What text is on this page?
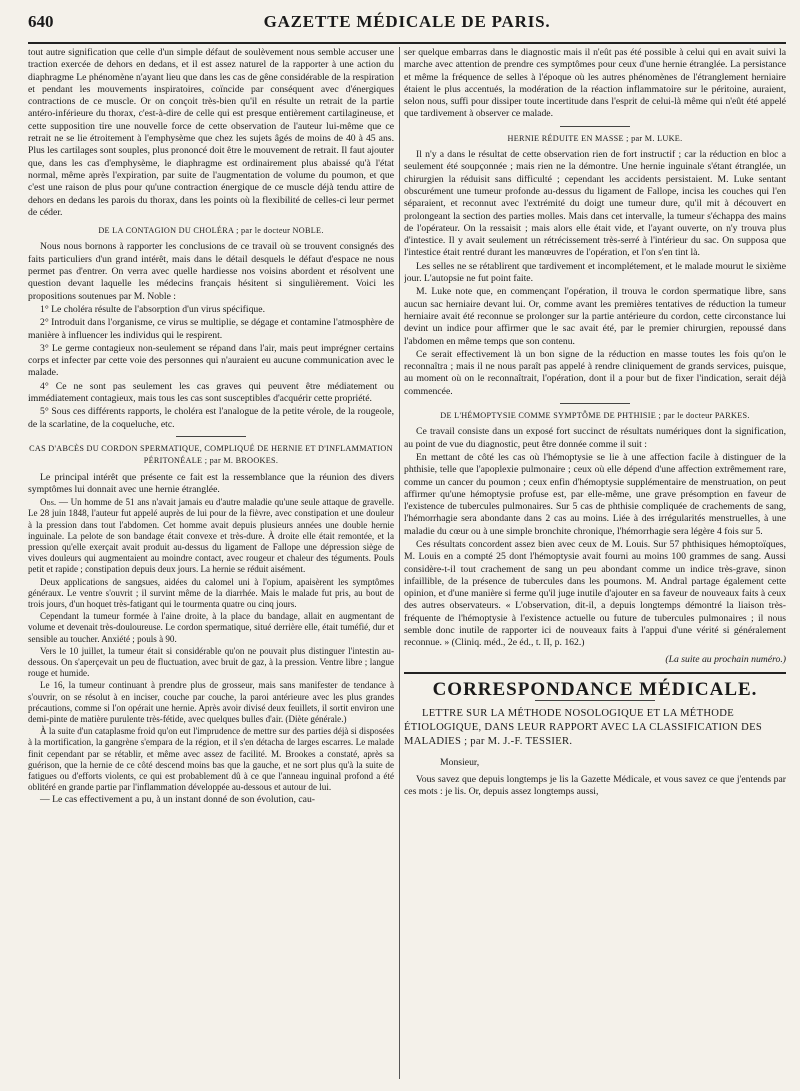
GAZETTE MÉDICALE DE PARIS.
640

tout autre signification que celle d'un simple défaut de soulèvement nous semble accuser une traction exercée de dehors en dedans, et il est assez naturel de la rapporter à une action du diaphragme Le phénomène n'ayant lieu que dans les cas de gêne considérable de la respiration et pendant les mouvements inspiratoires, coïncide par conséquent avec d'énergiques contractions de ce muscle. Or on conçoit très-bien qu'il en résulte un retrait de la partie antéro-inférieure du thorax, c'est-à-dire de celle qui est presque entièrement cartilagineuse, et cette supposition tire une nouvelle force de cette observation de l'auteur lui-même que ce retrait ne se lie étroitement à l'emphysème que chez les sujets âgés de moins de 40 à 45 ans. Plus les cartilages sont souples, plus prononcé doit être le mouvement de retrait. Il faut ajouter que, dans les cas d'emphysème, le diaphragme est ordinairement plus abaissé qu'à l'état normal, même après l'expiration, par suite de l'augmentation de volume du poumon, et que c'est une raison de plus pour qu'une contraction énergique de ce muscle déjà tendu attire de dehors en dedans les parois du thorax, dans les points où la flexibilité de celles-ci leur permet de céder.

DE LA CONTAGION DU CHOLÉRA ; par le docteur NOBLE.

Nous nous bornons à rapporter les conclusions de ce travail où se trouvent consignés des faits particuliers d'un grand intérêt, mais dans le détail desquels le défaut d'espace ne nous permet pas d'entrer. On verra avec quelle hardiesse nos voisins abordent et résolvent une question devant laquelle les médecins français hésitent si singulièrement. Voici les propositions soutenues par M. Noble :

1° Le choléra résulte de l'absorption d'un virus spécifique.

2° Introduit dans l'organisme, ce virus se multiplie, se dégage et contamine l'atmosphère de manière à influencer les individus qui le respirent.

3° Le germe contagieux non-seulement se répand dans l'air, mais peut imprégner certains corps et infecter par cette voie des personnes qui n'auraient eu aucune communication avec le malade.

4° Ce ne sont pas seulement les cas graves qui peuvent être médiatement ou immédiatement contagieux, mais tous les cas sont susceptibles d'acquérir cette propriété.

5° Sous ces différents rapports, le choléra est l'analogue de la petite vérole, de la rougeole, de la scarlatine, de la coqueluche, etc.

CAS D'ABCÈS DU CORDON SPERMATIQUE, COMPLIQUÉ DE HERNIE ET D'INFLAMMATION PÉRITONÉALE ; par M. BROOKES.

Le principal intérêt que présente ce fait est la ressemblance que la réunion des divers symptômes lui donnait avec une hernie étranglée.

Obs. — Un homme de 51 ans n'avait jamais eu d'autre maladie qu'une seule attaque de gravelle. Le 28 juin 1848, l'auteur fut appelé auprès de lui pour de la fièvre, avec constipation et une douleur à la pression dans tout l'abdomen. Cet homme avait depuis plusieurs années une double hernie inguinale. La pelote de son bandage était convexe et très-dure. À droite elle était remontée, et la pression qu'elle exerçait avait produit au-dessus du ligament de Fallope une dépression siège de vives douleurs qui augmentaient au moindre contact, avec rougeur et chaleur des téguments. Pouls petit et rapide ; constipation depuis deux jours. La hernie se réduit aisément.

Deux applications de sangsues, aidées du calomel uni à l'opium, apaisèrent les symptômes généraux. Le ventre s'ouvrit ; il survint même de la diarrhée. Mais le malade fut pris, au bout de trois jours, d'un hoquet très-fatigant qui le tourmenta quatre ou cinq jours.

Cependant la tumeur formée à l'aine droite, à la place du bandage, allait en augmentant de volume et devenait très-douloureuse. Le cordon spermatique, situé derrière elle, était tuméfié, dur et sensible au toucher. Anxiété ; pouls à 90.

Vers le 10 juillet, la tumeur était si considérable qu'on ne pouvait plus distinguer l'intestin au-dessous. On s'aperçevait un peu de fluctuation, avec bruit de gaz, à la pression. Ventre libre ; langue rouge et humide.

Le 16, la tumeur continuant à prendre plus de grosseur, mais sans manifester de tendance à s'ouvrir, on se résolut à en inciser, couche par couche, la paroi antérieure avec les plus grandes précautions, comme si l'on opérait une hernie. Après avoir divisé deux feuillets, il sortit environ une demi-pinte de matière purulente très-fétide, avec quelques bulles d'air. (Diète générale.)

À la suite d'un cataplasme froid qu'on eut l'imprudence de mettre sur des parties déjà si disposées à la mortification, la gangrène s'empara de la région, et il s'en détacha de larges escarres. Le malade finit cependant par se rétablir, et même avec assez de facilité. M. Brookes a constaté, après sa guérison, que la hernie de ce côté descend moins bas que la gauche, et ne sort plus qu'à la suite de fatigues ou d'efforts violents, ce qui est probablement dû à ce que l'anneau inguinal profond a été oblitéré en grande partie par l'inflammation développée au-dessous et autour de lui.

— Le cas effectivement a pu, à un instant donné de son évolution, cau-

ser quelque embarras dans le diagnostic mais il n'eût pas été possible à celui qui en avait suivi la marche avec attention de prendre ces symptômes pour ceux d'une hernie étranglée. La persistance et même la fréquence de selles à l'époque où les autres phénomènes de l'étranglement herniaire étaient le plus accentués, la modération de la réaction inflammatoire sur le péritoine, auraient, selon nous, suffi pour dissiper toute incertitude dans l'esprit de celui-là même qui n'eût été appelé que tardivement à observer ce malade.

HERNIE RÉDUITE EN MASSE ; par M. LUKE.

Il n'y a dans le résultat de cette observation rien de fort instructif ; car la réduction en bloc a seulement été soupçonnée ; mais rien ne la démontre. Une hernie inguinale s'étant étranglée, un chirurgien la réduisit sans difficulté ; cependant les accidents persistaient. M. Luke sentant obscurément une tumeur profonde au-dessus du ligament de Fallope, incisa les couches qui l'en séparaient, et reconnut avec l'extrémité du doigt une tumeur dure, qu'il mit à découvert en prolongeant la section des parties molles. Mais dans cet intervalle, la tumeur s'échappa des mains de l'opérateur. On la ressaisit ; mais alors elle était vide, et l'ayant ouverte, on n'y trouva plus d'intestice. Il y avait seulement un rétrécissement très-serré à l'intérieur du sac. On supposa que l'intestice était rentré durant les manœuvres de l'opération, et l'on s'en tint là.

Les selles ne se rétablirent que tardivement et incomplétement, et le malade mourut le sixième jour. L'autopsie ne fut point faite.

M. Luke note que, en commençant l'opération, il trouva le cordon spermatique libre, sans aucun sac herniaire devant lui. Or, comme avant les premières tentatives de réduction la tumeur herniaire avait été reconnue se prolonger sur la partie antérieure du cordon, cette circonstance lui devint un indice pour affirmer que le sac avait été, par le premier chirurgien, repoussé dans l'abdomen en même temps que son contenu.

Ce serait effectivement là un bon signe de la réduction en masse toutes les fois qu'on le reconnaîtra ; mais il ne nous paraît pas appelé à rendre cliniquement de grands services, puisque, au moment où on le reconnaîtrait, l'opération, dont il a pour but de fixer l'indication, serait déjà commencée.

DE L'HÉMOPTYSIE COMME SYMPTÔME DE PHTHISIE ; par le docteur PARKES.

Ce travail consiste dans un exposé fort succinct de résultats numériques dont la signification, au point de vue du diagnostic, peut être donnée comme il suit :

En mettant de côté les cas où l'hémoptysie se lie à une affection facile à distinguer de la phthisie, telle que l'apoplexie pulmonaire ; ceux où elle dépend d'une affection extrêmement rare, comme un cancer du poumon ; ceux enfin d'hémoptysie supplémentaire de menstruation, on peut affirmer qu'une hémoptysie profuse est, par elle-même, une grave présomption en faveur de l'existence de tubercules pulmonaires. Sur 5 cas de phthisie compliquée de crachements de sang, l'hémorrhagie sera abondante dans 2 cas au moins. Liée à des irrégularités menstruelles, à une maladie du cœur ou à une simple bronchite chronique, l'hémorrhagie sera légère 4 fois sur 5.

Ces résultats concordent assez bien avec ceux de M. Louis. Sur 57 phthisiques hémoptoïques, M. Louis en a compté 25 dont l'hémoptysie avait fourni au moins 100 grammes de sang. Aussi considère-t-il tout crachement de sang un peu abondant comme un indice très-grave, sinon infaillible, de la présence de tubercules dans les poumons. M. Andral partage également cette opinion, et d'une manière si ferme qu'il juge inutile d'ajouter en sa faveur de nouveaux faits à ceux des autres observateurs. « L'observation, dit-il, a depuis longtemps démontré la liaison très-fréquente de l'hémoptysie à l'existence actuelle ou future de tubercules pulmonaires ; il nous semble donc inutile de rapporter ici de nouveaux faits à l'appui d'une vérité si généralement reconnue. » (Cliniq. méd., 2e éd., t. II, p. 162.)

(La suite au prochain numéro.)
CORRESPONDANCE MÉDICALE.
LETTRE SUR LA MÉTHODE NOSOLOGIQUE ET LA MÉTHODE ÉTIOLOGIQUE, DANS LEUR RAPPORT AVEC LA CLASSIFICATION DES MALADIES ; par M. J.-F. TESSIER.
Monsieur,

Vous savez que depuis longtemps je lis la Gazette Médicale, et vous savez ce que j'entends par ces mots : je lis. Or, depuis assez longtemps aussi,
